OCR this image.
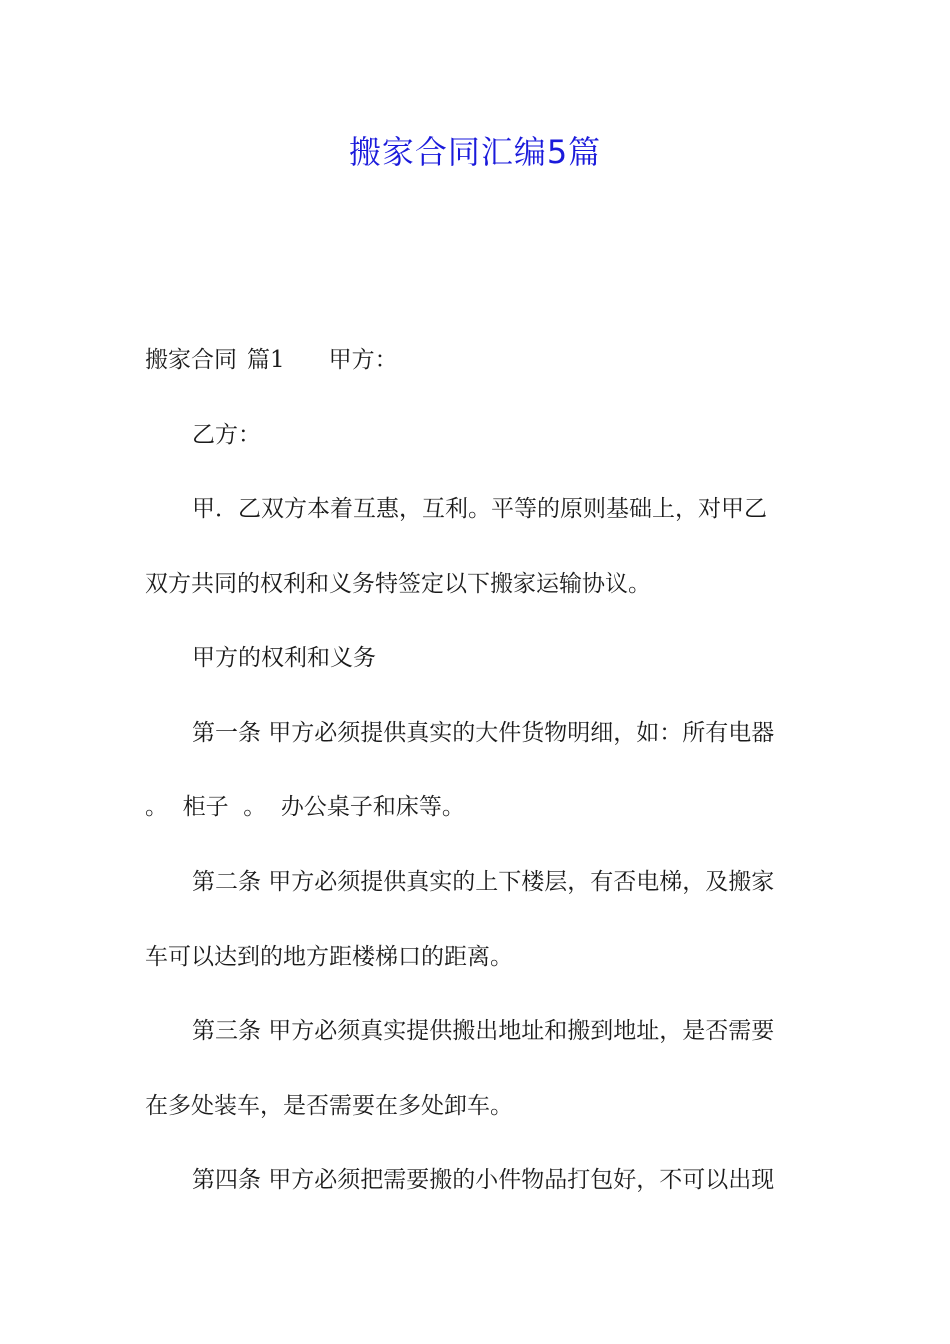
搬家合同汇编5篇
搬家合同 篇1 甲方：
乙方：
甲．乙双方本着互惠，互利。平等的原则基础上，对甲乙
双方共同的权利和义务特签定以下搬家运输协议。
甲方的权利和义务
第一条 甲方必须提供真实的大件货物明细，如：所有电器
。  柜子  。  办公桌子和床等。
第二条 甲方必须提供真实的上下楼层，有否电梯，及搬家
车可以达到的地方距楼梯口的距离。
第三条 甲方必须真实提供搬出地址和搬到地址，是否需要
在多处装车，是否需要在多处卸车。
第四条 甲方必须把需要搬的小件物品打包好，不可以出现
